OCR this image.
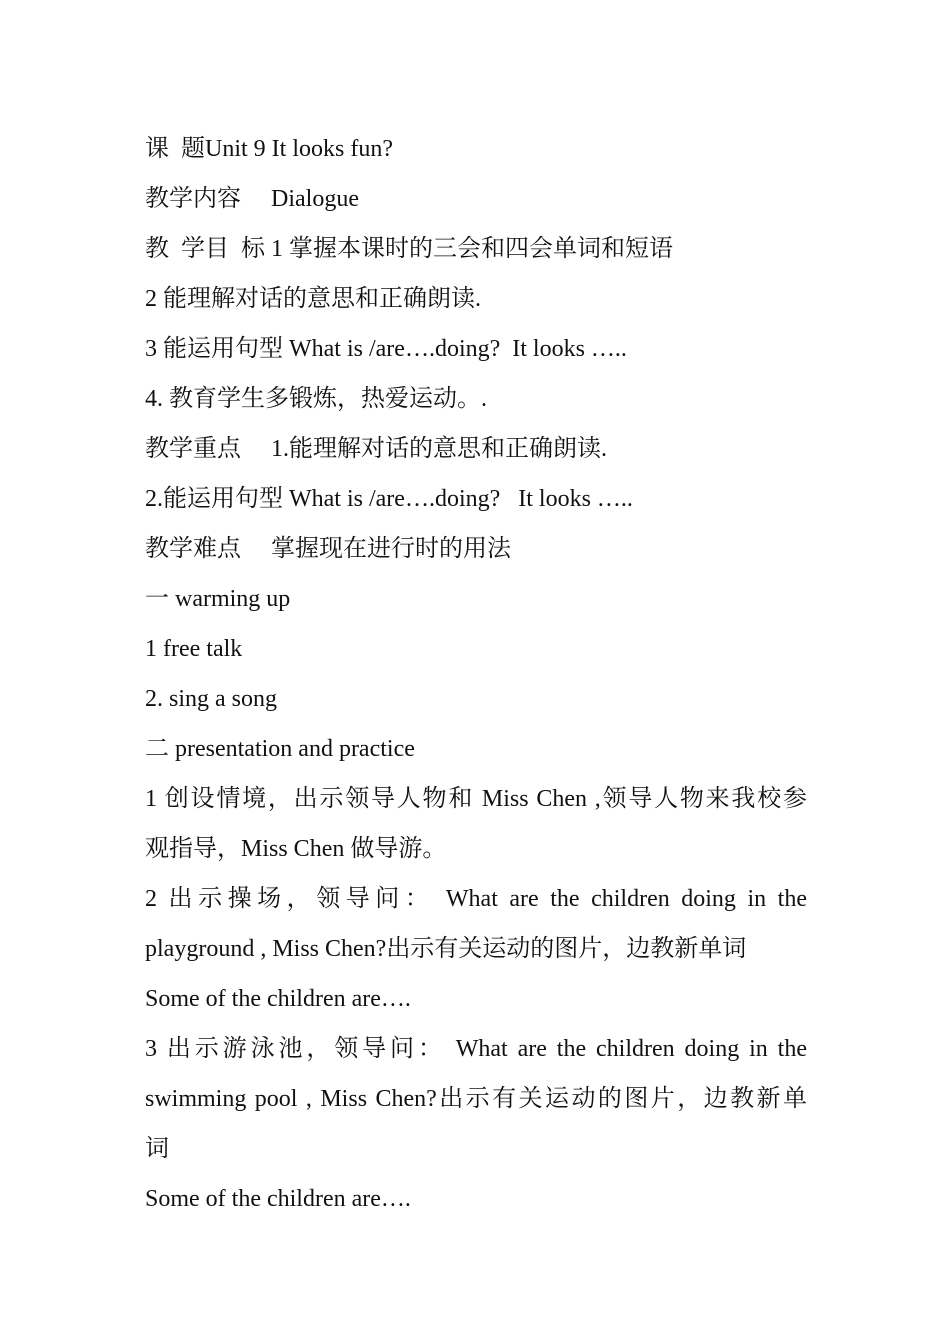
课  题Unit 9 It looks fun?
教学内容     Dialogue
教  学目  标 1 掌握本课时的三会和四会单词和短语
2 能理解对话的意思和正确朗读.
3 能运用句型 What is /are….doing?  It looks …..
4. 教育学生多锻炼，热爱运动。.
教学重点     1.能理解对话的意思和正确朗读.
2.能运用句型 What is /are….doing?   It looks …..
教学难点     掌握现在进行时的用法
一 warming up
1 free talk
2. sing a song
二 presentation and practice
1 创设情境，出示领导人物和 Miss Chen ,领导人物来我校参
观指导，Miss Chen 做导游。
2 出示操场，领导问： What are the children doing in the
playground , Miss Chen?出示有关运动的图片，边教新单词
Some of the children are….
3 出示游泳池，领导问： What are the children doing in the
swimming pool , Miss Chen?出示有关运动的图片，边教新单
词
Some of the children are….
